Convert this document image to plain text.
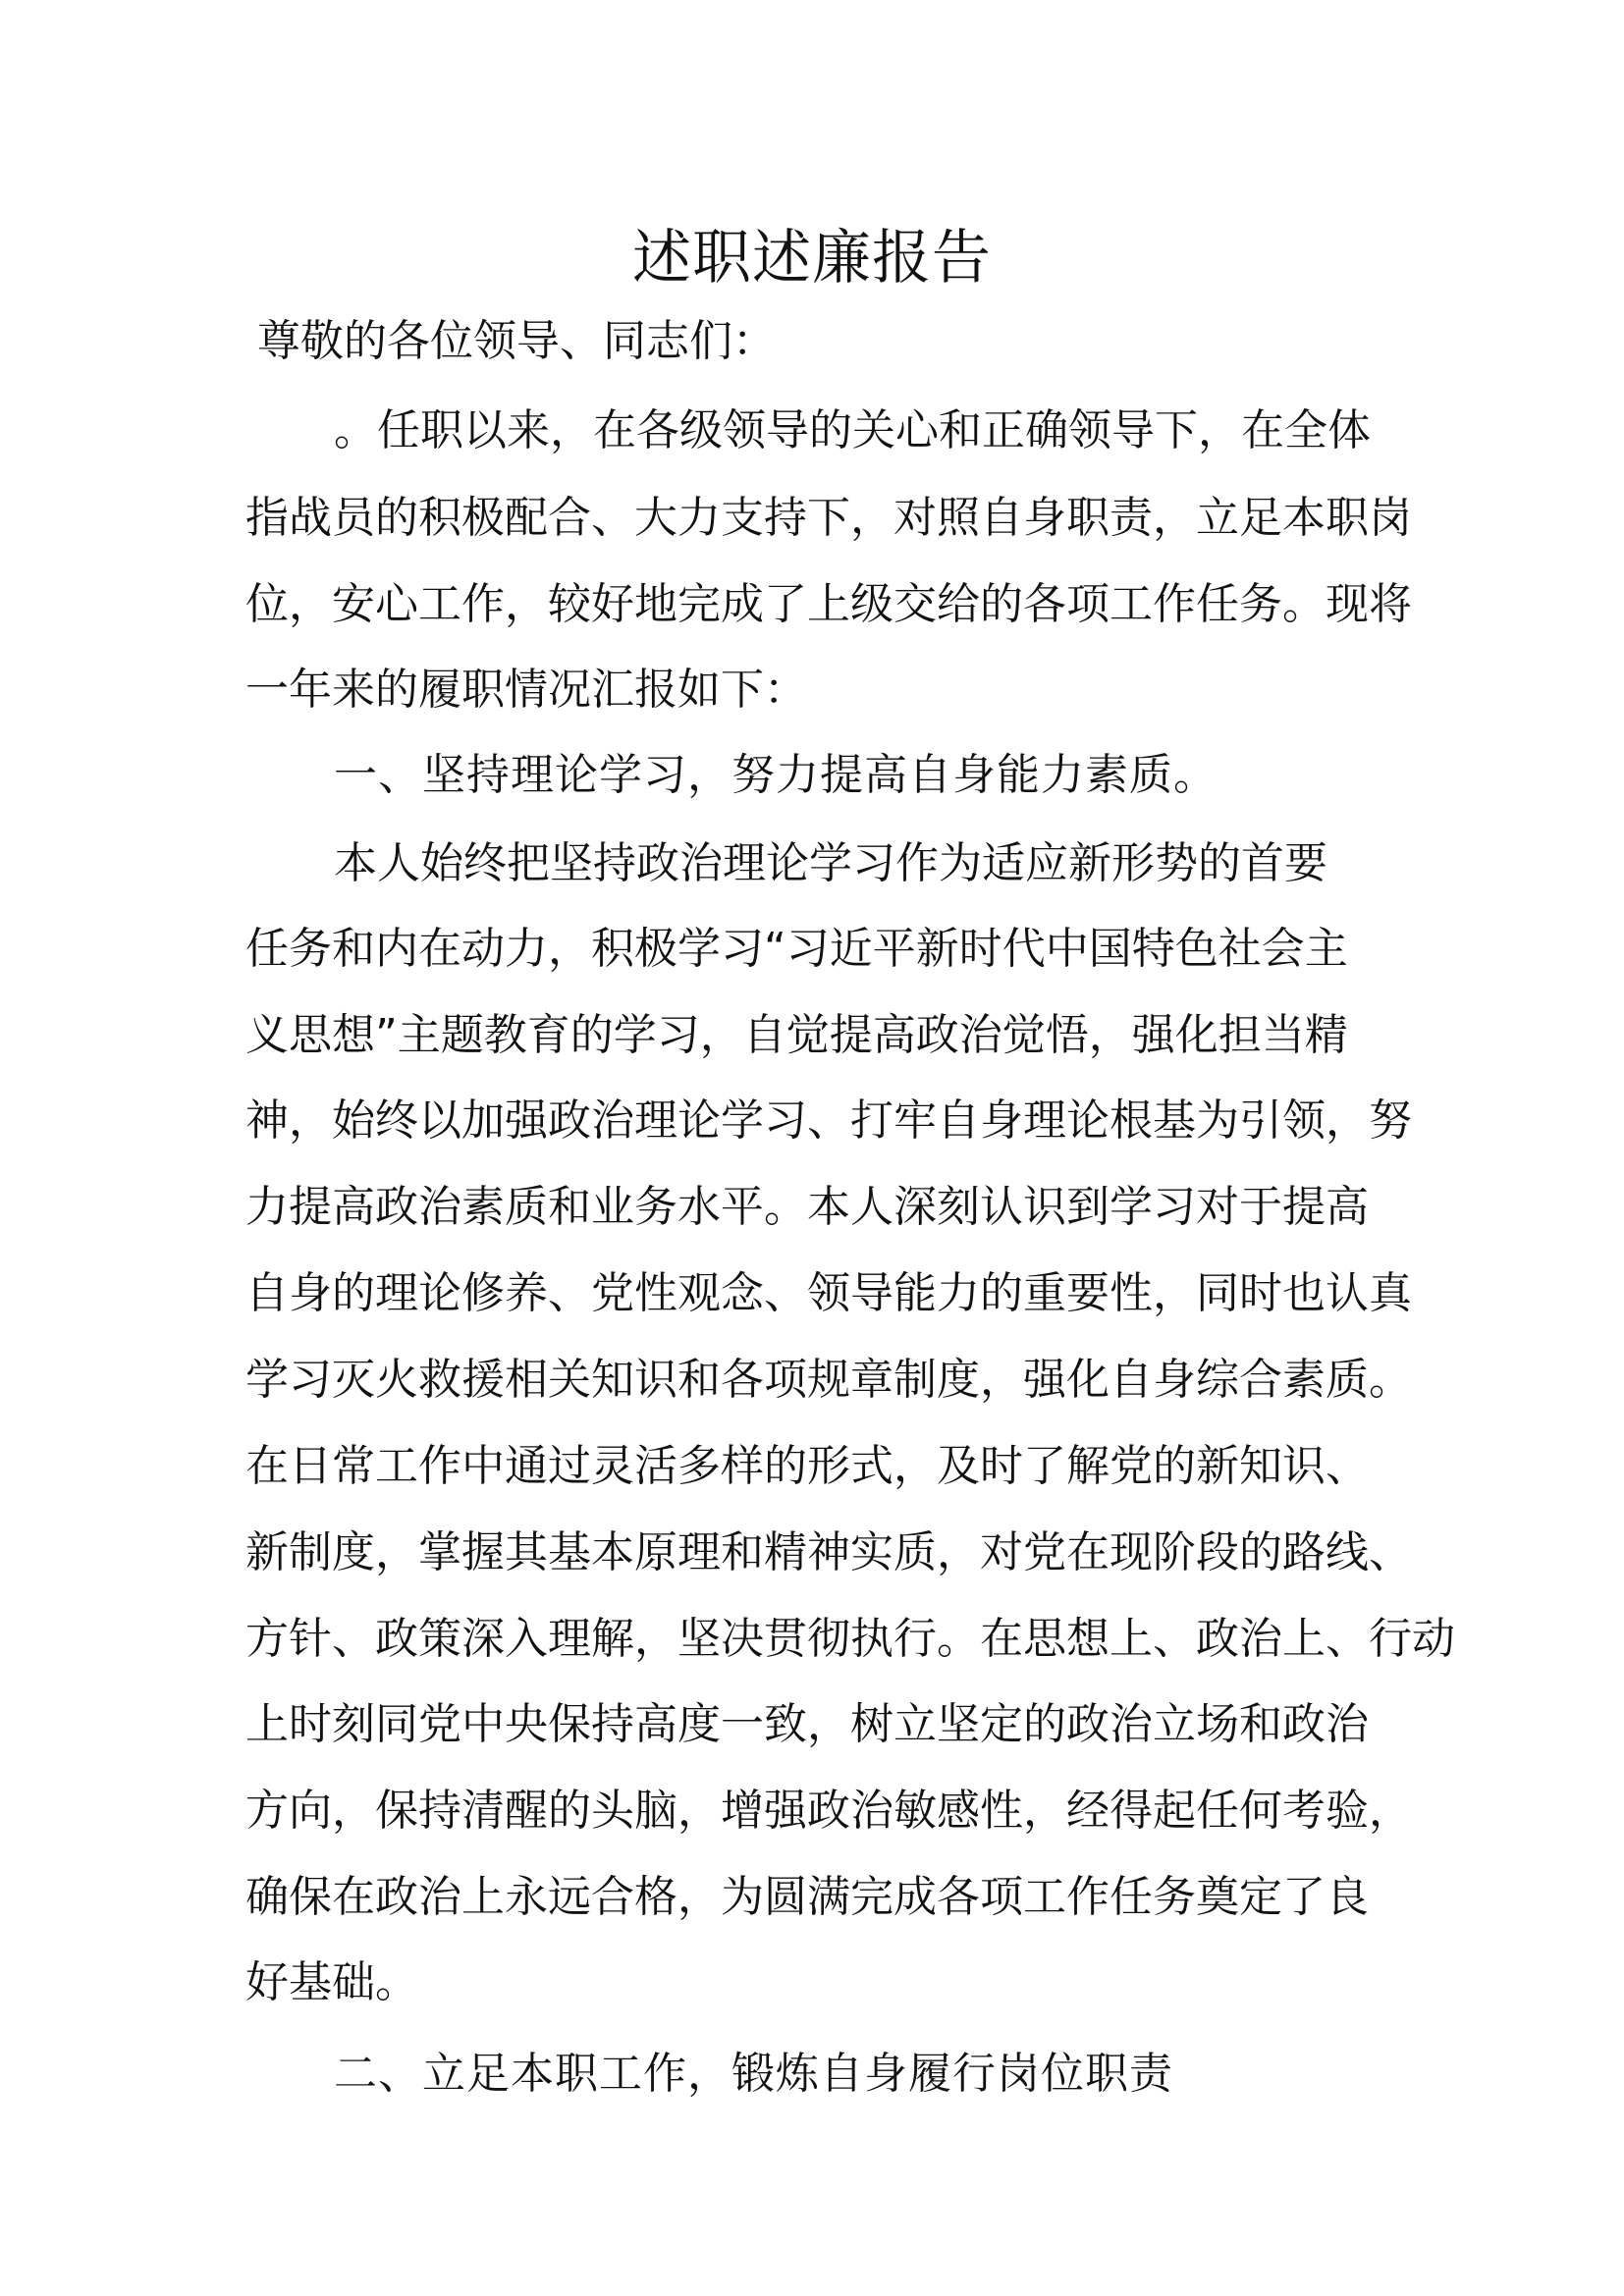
述职述廉报告
尊敬的各位领导、同志们：
。任职以来，在各级领导的关心和正确领导下，在全体
指战员的积极配合、大力支持下，对照自身职责，立足本职岗
位，安心工作，较好地完成了上级交给的各项工作任务。现将
一年来的履职情况汇报如下：
一、坚持理论学习，努力提高自身能力素质。
本人始终把坚持政治理论学习作为适应新形势的首要
任务和内在动力，积极学习“习近平新时代中国特色社会主
义思想”主题教育的学习，自觉提高政治觉悟，强化担当精
神，始终以加强政治理论学习、打牢自身理论根基为引领，努
力提高政治素质和业务水平。本人深刻认识到学习对于提高
自身的理论修养、党性观念、领导能力的重要性，同时也认真
学习灭火救援相关知识和各项规章制度，强化自身综合素质。
在日常工作中通过灵活多样的形式，及时了解党的新知识、
新制度，掌握其基本原理和精神实质，对党在现阶段的路线、
方针、政策深入理解，坚决贯彻执行。在思想上、政治上、行动
上时刻同党中央保持高度一致，树立坚定的政治立场和政治
方向，保持清醒的头脑，增强政治敏感性，经得起任何考验，
确保在政治上永远合格，为圆满完成各项工作任务奠定了良
好基础。
二、立足本职工作，锻炼自身履行岗位职责
